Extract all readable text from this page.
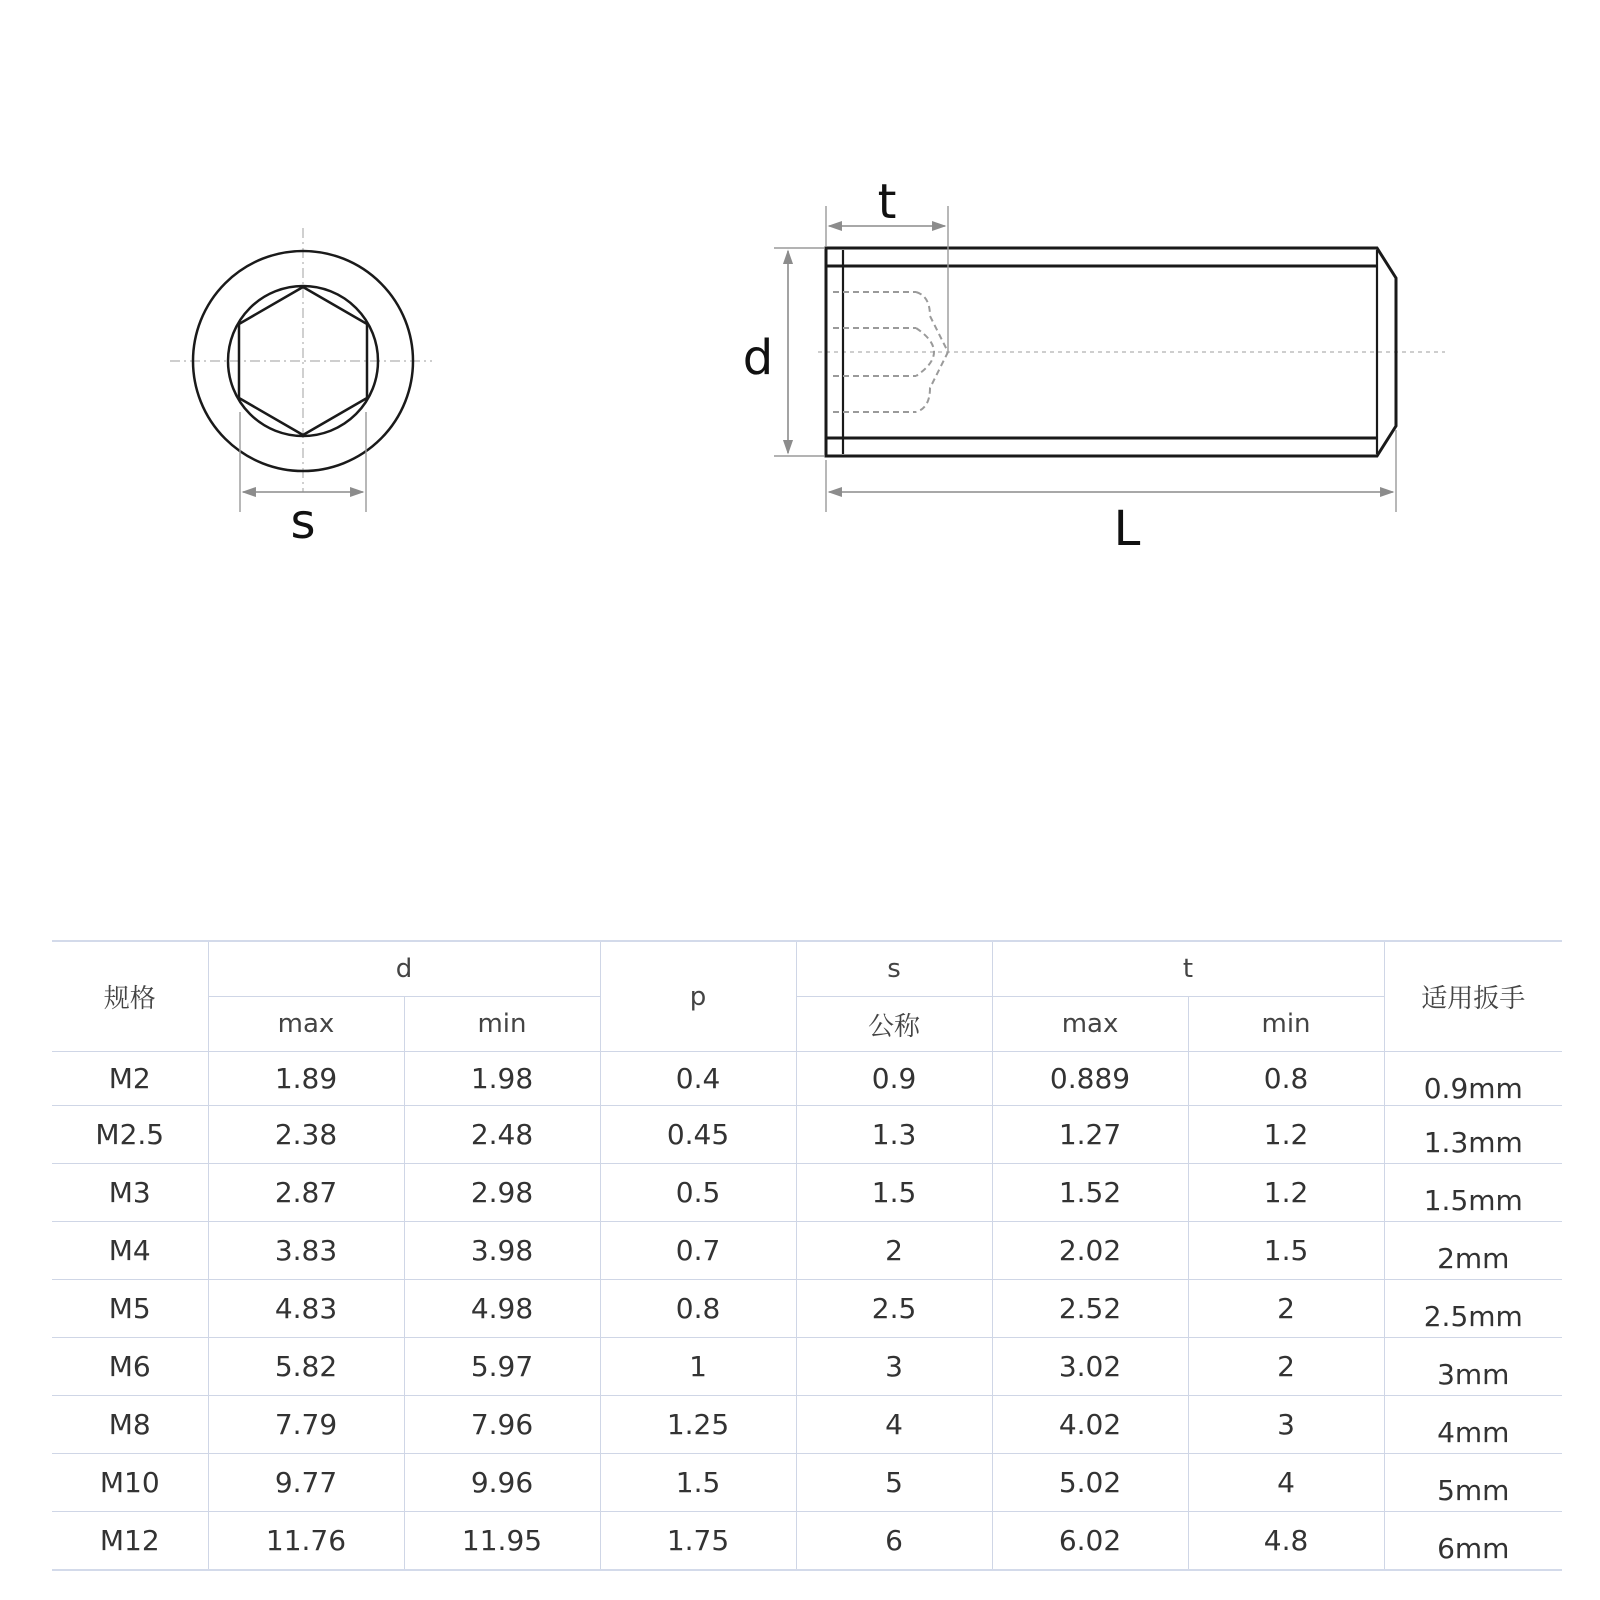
s
t
d
L
规格	d		p	s	t		适用扳手
	max	min		公称	max	min	
M2	1.89	1.98	0.4	0.9	0.889	0.8	0.9mm
M2.5	2.38	2.48	0.45	1.3	1.27	1.2	1.3mm
M3	2.87	2.98	0.5	1.5	1.52	1.2	1.5mm
M4	3.83	3.98	0.7	2	2.02	1.5	2mm
M5	4.83	4.98	0.8	2.5	2.52	2	2.5mm
M6	5.82	5.97	1	3	3.02	2	3mm
M8	7.79	7.96	1.25	4	4.02	3	4mm
M10	9.77	9.96	1.5	5	5.02	4	5mm
M12	11.76	11.95	1.75	6	6.02	4.8	6mm
